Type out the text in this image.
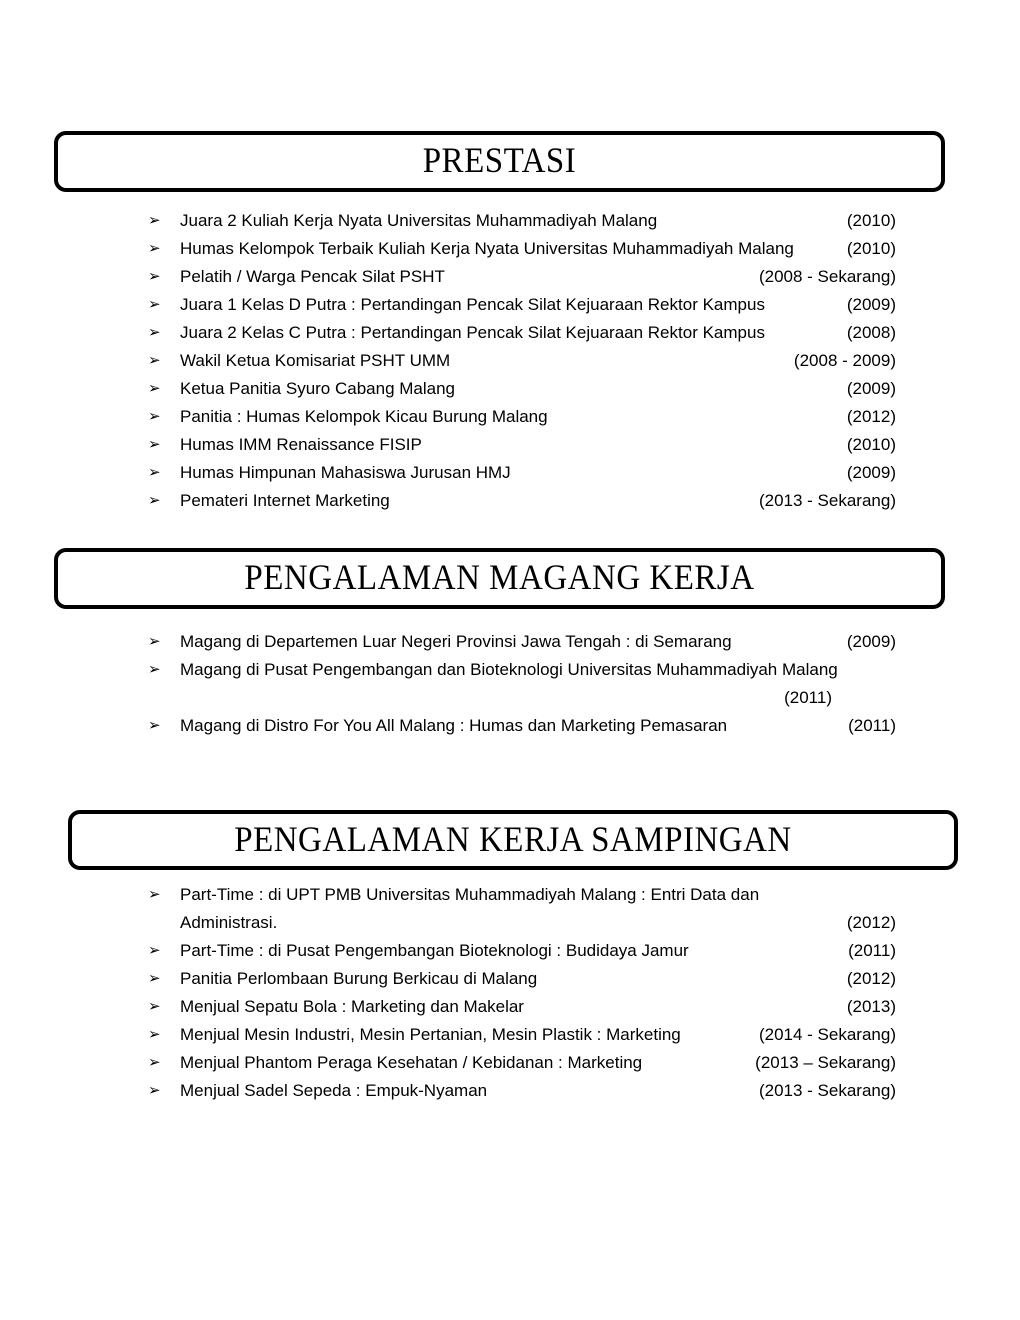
PRESTASI
➢	Juara 2 Kuliah Kerja Nyata Universitas Muhammadiyah Malang	(2010)
➢	Humas Kelompok Terbaik Kuliah Kerja Nyata Universitas Muhammadiyah Malang	(2010)
➢	Pelatih / Warga Pencak Silat PSHT	(2008 - Sekarang)
➢	Juara 1 Kelas D Putra : Pertandingan Pencak Silat Kejuaraan Rektor Kampus	(2009)
➢	Juara 2 Kelas C Putra : Pertandingan Pencak Silat Kejuaraan Rektor Kampus	(2008)
➢	Wakil Ketua Komisariat PSHT UMM	(2008 - 2009)
➢	Ketua Panitia Syuro Cabang Malang	(2009)
➢	Panitia : Humas Kelompok Kicau Burung Malang	(2012)
➢	Humas IMM Renaissance FISIP	(2010)
➢	Humas Himpunan Mahasiswa Jurusan HMJ	(2009)
➢	Pemateri Internet Marketing	(2013 - Sekarang)
PENGALAMAN MAGANG KERJA
➢	Magang di Departemen Luar Negeri Provinsi Jawa Tengah : di Semarang	(2009)
➢	Magang di Pusat Pengembangan dan Bioteknologi Universitas Muhammadiyah Malang
(2011)
➢	Magang di Distro For You All Malang : Humas dan Marketing Pemasaran	(2011)
PENGALAMAN KERJA SAMPINGAN
➢	Part-Time : di UPT PMB Universitas Muhammadiyah Malang : Entri Data dan
Administrasi.	(2012)
➢	Part-Time : di Pusat Pengembangan Bioteknologi : Budidaya Jamur	(2011)
➢	Panitia Perlombaan Burung Berkicau di Malang	(2012)
➢	Menjual Sepatu Bola : Marketing dan Makelar	(2013)
➢	Menjual Mesin Industri, Mesin Pertanian, Mesin Plastik : Marketing	(2014 - Sekarang)
➢	Menjual Phantom Peraga Kesehatan / Kebidanan : Marketing	(2013 – Sekarang)
➢	Menjual Sadel Sepeda : Empuk-Nyaman	(2013 - Sekarang)
